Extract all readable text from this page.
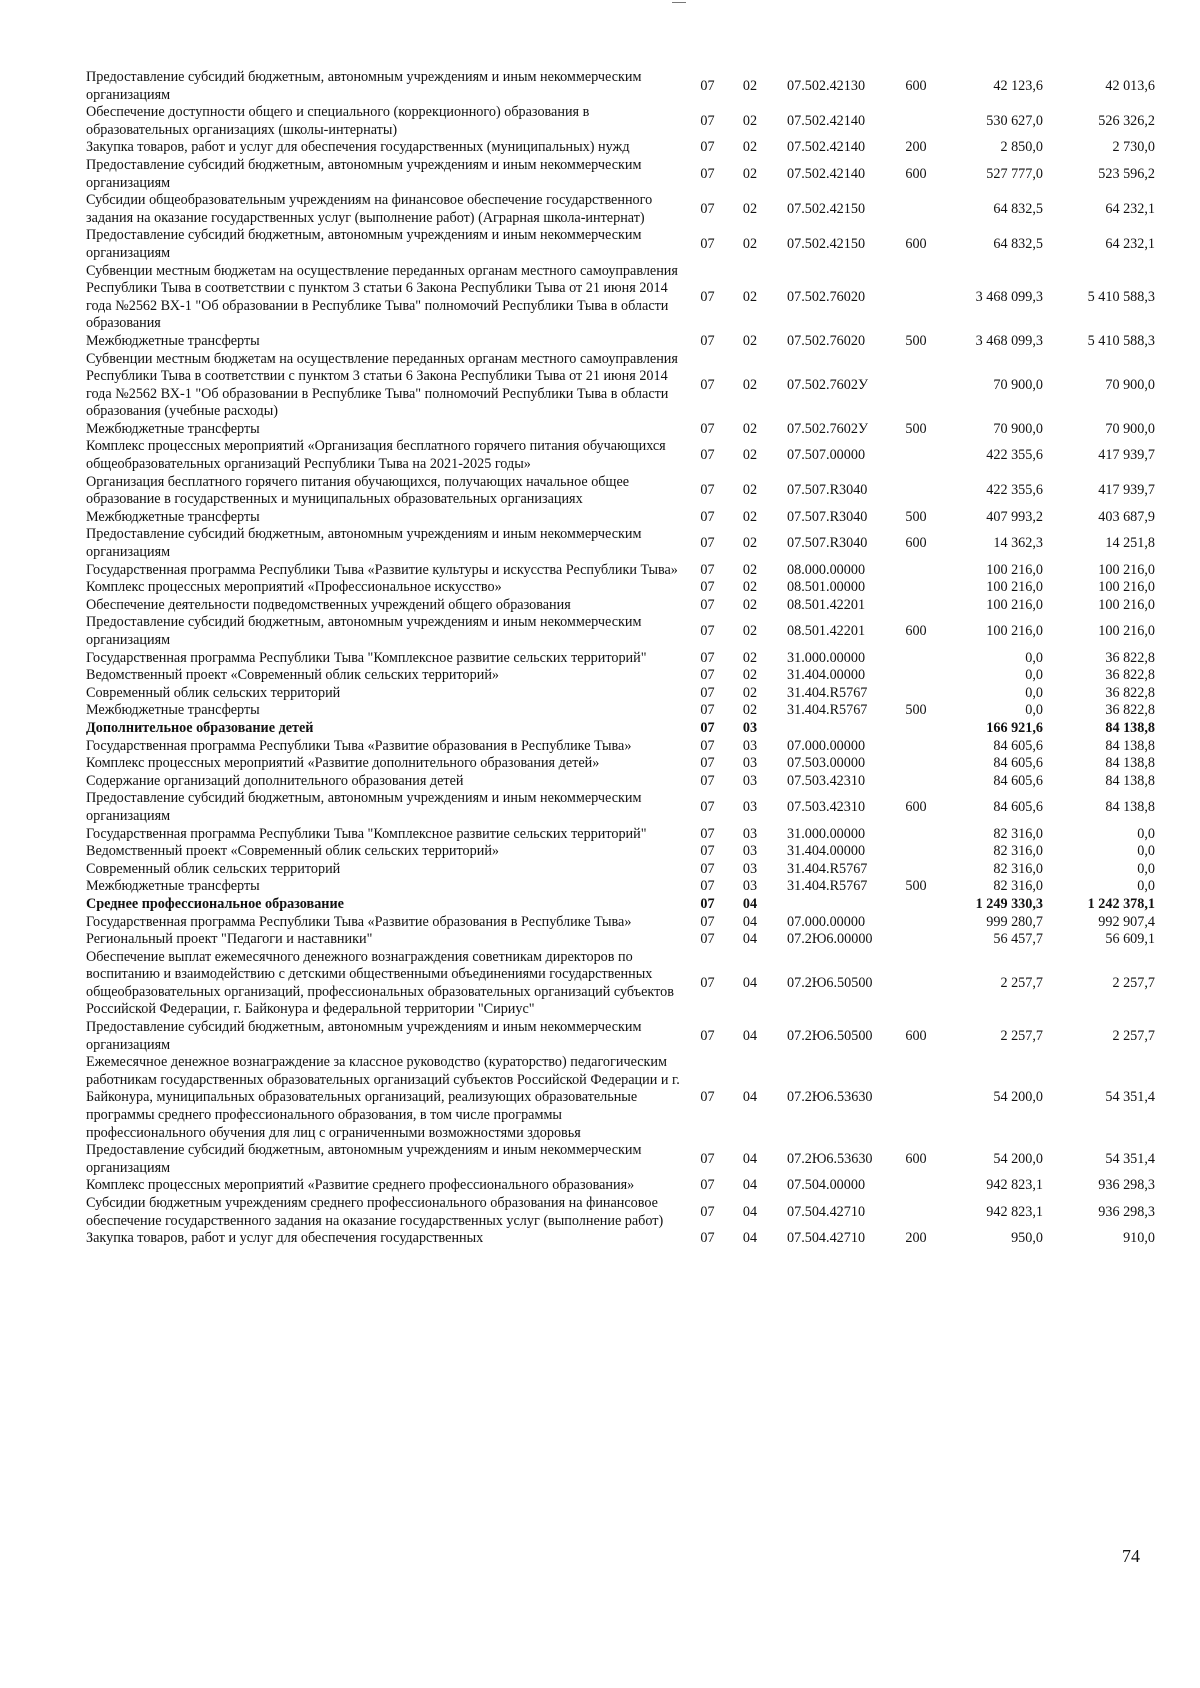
Предоставление субсидий бюджетным, автономным учреждениям и иным некоммерческим организациям	07	02	07.502.42130	600	42 123,6	42 013,6
Обеспечение доступности общего и специального (коррекционного) образования в образовательных организациях (школы-интернаты)	07	02	07.502.42140		530 627,0	526 326,2
Закупка товаров, работ и услуг для обеспечения государственных (муниципальных) нужд	07	02	07.502.42140	200	2 850,0	2 730,0
Предоставление субсидий бюджетным, автономным учреждениям и иным некоммерческим организациям	07	02	07.502.42140	600	527 777,0	523 596,2
Субсидии общеобразовательным учреждениям на финансовое обеспечение государственного задания на оказание государственных услуг (выполнение работ) (Аграрная школа-интернат)	07	02	07.502.42150		64 832,5	64 232,1
Предоставление субсидий бюджетным, автономным учреждениям и иным некоммерческим организациям	07	02	07.502.42150	600	64 832,5	64 232,1
Субвенции местным бюджетам на осуществление переданных органам местного самоуправления Республики Тыва в соответствии с пунктом 3 статьи 6 Закона Республики Тыва от 21 июня 2014 года №2562 ВХ-1 "Об образовании в Республике Тыва" полномочий Республики Тыва в области образования	07	02	07.502.76020		3 468 099,3	5 410 588,3
Межбюджетные трансферты	07	02	07.502.76020	500	3 468 099,3	5 410 588,3
Субвенции местным бюджетам на осуществление переданных органам местного самоуправления Республики Тыва в соответствии с пунктом 3 статьи 6 Закона Республики Тыва от 21 июня 2014 года №2562 ВХ-1 "Об образовании в Республике Тыва" полномочий Республики Тыва в области образования (учебные расходы)	07	02	07.502.7602У		70 900,0	70 900,0
Межбюджетные трансферты	07	02	07.502.7602У	500	70 900,0	70 900,0
Комплекс процессных мероприятий «Организация бесплатного горячего питания обучающихся общеобразовательных организаций Республики Тыва на 2021-2025 годы»	07	02	07.507.00000		422 355,6	417 939,7
Организация бесплатного горячего питания обучающихся, получающих начальное общее образование в государственных и муниципальных образовательных организациях	07	02	07.507.R3040		422 355,6	417 939,7
Межбюджетные трансферты	07	02	07.507.R3040	500	407 993,2	403 687,9
Предоставление субсидий бюджетным, автономным учреждениям и иным некоммерческим организациям	07	02	07.507.R3040	600	14 362,3	14 251,8
Государственная программа Республики Тыва «Развитие культуры и искусства Республики Тыва»	07	02	08.000.00000		100 216,0	100 216,0
Комплекс процессных мероприятий «Профессиональное искусство»	07	02	08.501.00000		100 216,0	100 216,0
Обеспечение деятельности подведомственных учреждений общего образования	07	02	08.501.42201		100 216,0	100 216,0
Предоставление субсидий бюджетным, автономным учреждениям и иным некоммерческим организациям	07	02	08.501.42201	600	100 216,0	100 216,0
Государственная программа Республики Тыва "Комплексное развитие сельских территорий"	07	02	31.000.00000		0,0	36 822,8
Ведомственный проект «Современный облик сельских территорий»	07	02	31.404.00000		0,0	36 822,8
Современный облик сельских территорий	07	02	31.404.R5767		0,0	36 822,8
Межбюджетные трансферты	07	02	31.404.R5767	500	0,0	36 822,8
Дополнительное образование детей	07	03			166 921,6	84 138,8
Государственная программа Республики Тыва «Развитие образования в Республике Тыва»	07	03	07.000.00000		84 605,6	84 138,8
Комплекс процессных мероприятий «Развитие дополнительного образования детей»	07	03	07.503.00000		84 605,6	84 138,8
Содержание организаций дополнительного образования детей	07	03	07.503.42310		84 605,6	84 138,8
Предоставление субсидий бюджетным, автономным учреждениям и иным некоммерческим организациям	07	03	07.503.42310	600	84 605,6	84 138,8
Государственная программа Республики Тыва "Комплексное развитие сельских территорий"	07	03	31.000.00000		82 316,0	0,0
Ведомственный проект «Современный облик сельских территорий»	07	03	31.404.00000		82 316,0	0,0
Современный облик сельских территорий	07	03	31.404.R5767		82 316,0	0,0
Межбюджетные трансферты	07	03	31.404.R5767	500	82 316,0	0,0
Среднее профессиональное образование	07	04			1 249 330,3	1 242 378,1
Государственная программа Республики Тыва «Развитие образования в Республике Тыва»	07	04	07.000.00000		999 280,7	992 907,4
Региональный проект "Педагоги и наставники"	07	04	07.2Ю6.00000		56 457,7	56 609,1
Обеспечение выплат ежемесячного денежного вознаграждения советникам директоров по воспитанию и взаимодействию с детскими общественными объединениями государственных общеобразовательных организаций, профессиональных образовательных организаций субъектов Российской Федерации, г. Байконура и федеральной территории "Сириус"	07	04	07.2Ю6.50500		2 257,7	2 257,7
Предоставление субсидий бюджетным, автономным учреждениям и иным некоммерческим организациям	07	04	07.2Ю6.50500	600	2 257,7	2 257,7
Ежемесячное денежное вознаграждение за классное руководство (кураторство) педагогическим работникам государственных образовательных организаций субъектов Российской Федерации и г. Байконура, муниципальных образовательных организаций, реализующих образовательные программы среднего профессионального образования, в том числе программы профессионального обучения для лиц с ограниченными возможностями здоровья	07	04	07.2Ю6.53630		54 200,0	54 351,4
Предоставление субсидий бюджетным, автономным учреждениям и иным некоммерческим организациям	07	04	07.2Ю6.53630	600	54 200,0	54 351,4
Комплекс процессных мероприятий «Развитие среднего профессионального образования»	07	04	07.504.00000		942 823,1	936 298,3
Субсидии бюджетным учреждениям среднего профессионального образования на финансовое обеспечение государственного задания на оказание государственных услуг (выполнение работ)	07	04	07.504.42710		942 823,1	936 298,3
Закупка товаров, работ и услуг для обеспечения государственных	07	04	07.504.42710	200	950,0	910,0
74
